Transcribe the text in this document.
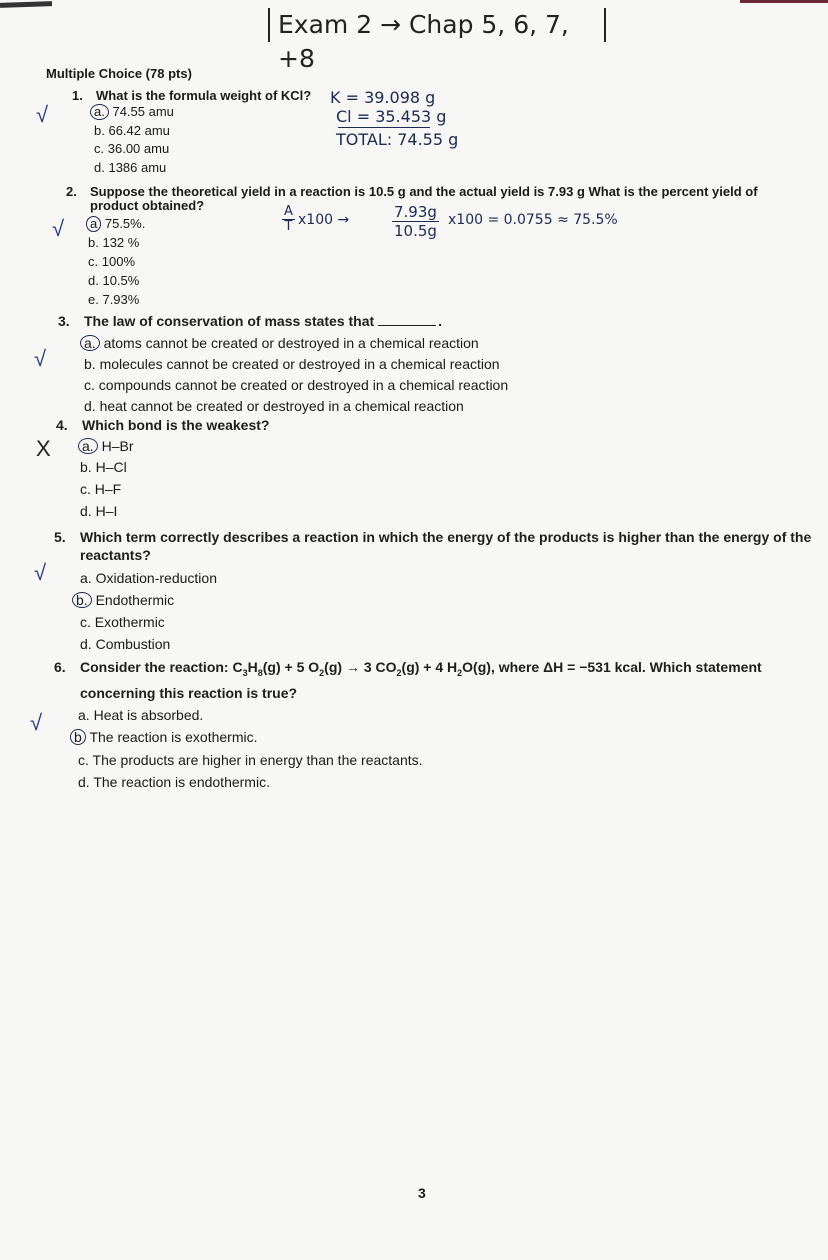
Exam 2 → Chap 5, 6, 7, +8
Multiple Choice (78 pts)
√
1. What is the formula weight of KCl?
a. 74.55 amu
b. 66.42 amu
c. 36.00 amu
d. 1386 amu
K = 39.098 g
Cl = 35.453 g
TOTAL: 74.55 g
2. Suppose the theoretical yield in a reaction is 10.5 g and the actual yield is 7.93 g What is the percent yield of
product obtained?
√	a 75.5%.
b. 132 %
c. 100%
d. 10.5%
e. 7.93%
$\frac{A}{T} x100$ →	$\frac{7.93g}{10.5g} x100 = 0.0755 \approx 75.5\%$
3. The law of conservation of mass states that	.
√
a. atoms cannot be created or destroyed in a chemical reaction
b. molecules cannot be created or destroyed in a chemical reaction
c. compounds cannot be created or destroyed in a chemical reaction
d. heat cannot be created or destroyed in a chemical reaction
4. Which bond is the weakest?
X a. H–Br
b. H–Cl
c. H–F
d. H–I
5. Which term correctly describes a reaction in which the energy of the products is higher than the energy of the
reactants?
√ a. Oxidation-reduction
b. Endothermic
c. Exothermic
d. Combustion
6. Consider the reaction: $C_3H_8(g) + 5$ $O_2(g) \to 3$ $CO_2(g) + 4$ $H_2O(g)$, where ΔH = −531 kcal. Which statement
concerning this reaction is true?
√	a. Heat is absorbed.
b The reaction is exothermic.
c. The products are higher in energy than the reactants.
d. The reaction is endothermic.
3
